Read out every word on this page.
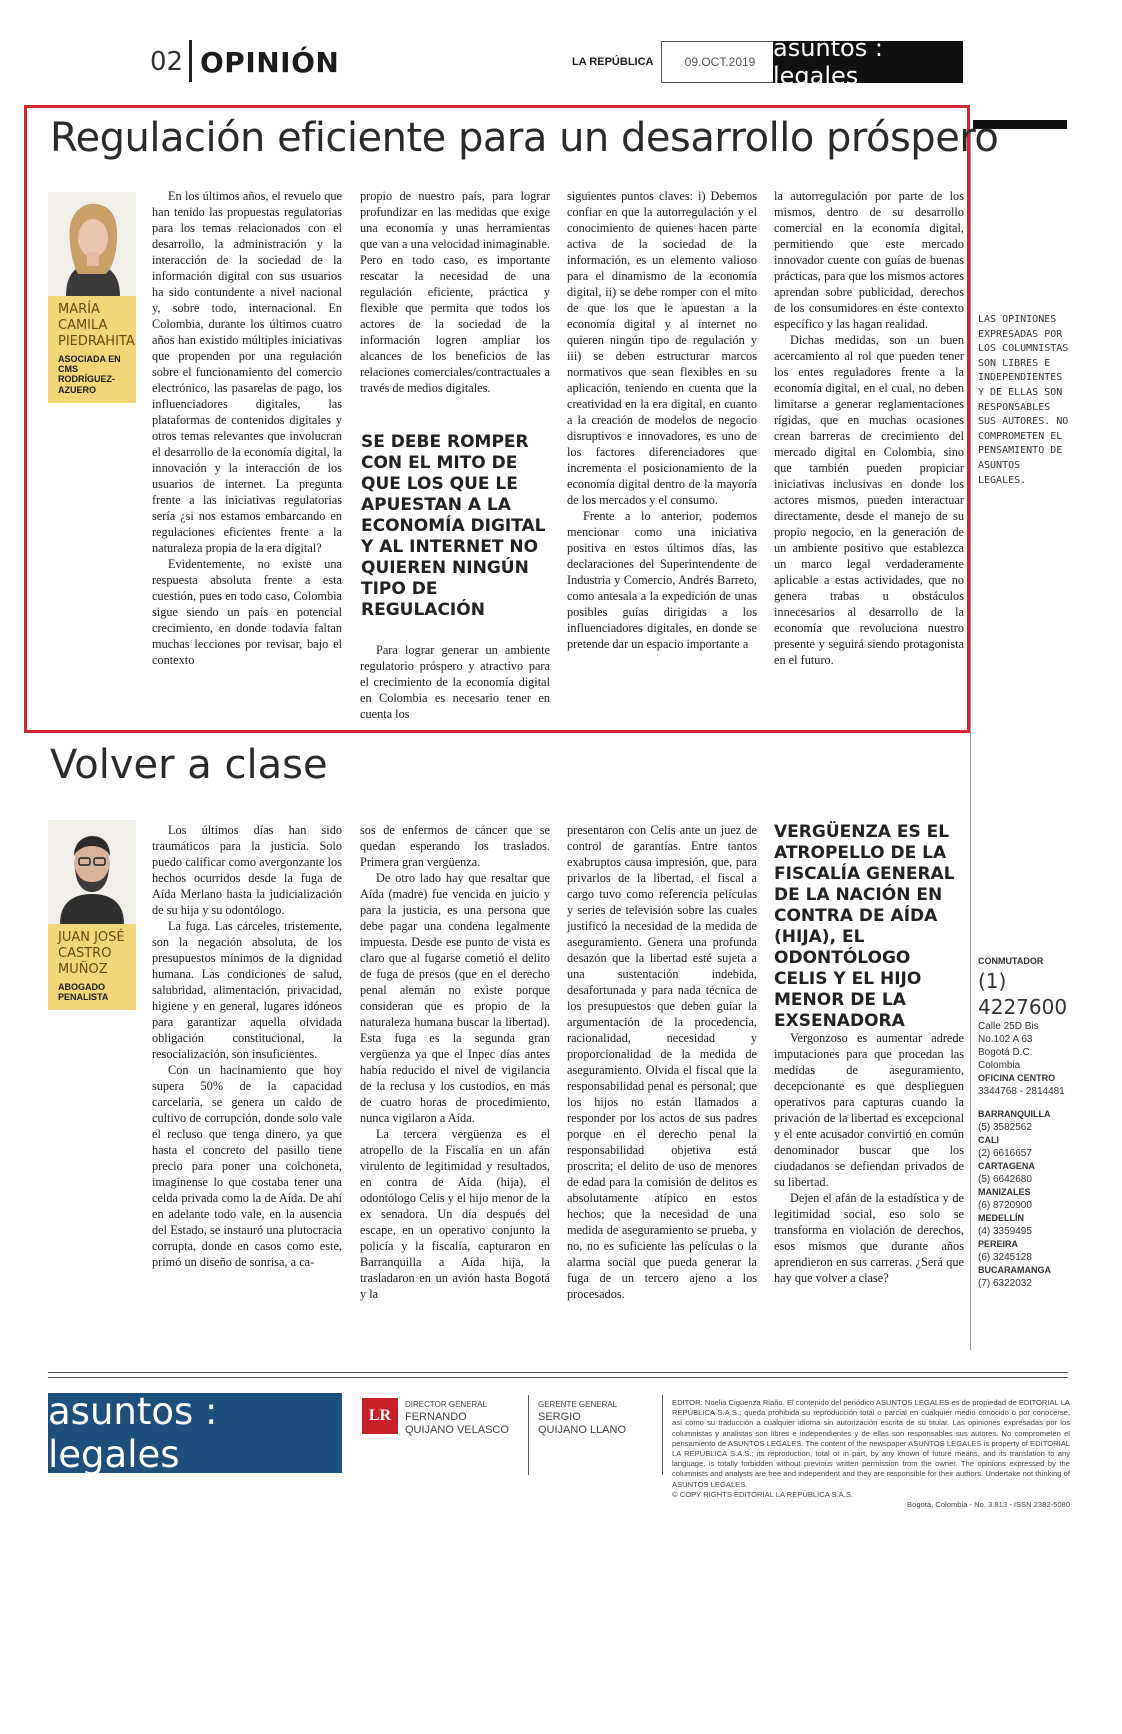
02 OPINIÓN	LA REPÚBLICA	09.OCT.2019 asuntos : legales
Regulación eficiente para un desarrollo próspero
MARÍA CAMILA PIEDRAHITA
ASOCIADA EN CMS RODRÍGUEZ-AZUERO

En los últimos años, el revuelo que han tenido las propuestas regulatorias para los temas relacionados con el desarrollo, la administración y la interacción de la sociedad de la información digital con sus usuarios ha sido contundente a nivel nacional y, sobre todo, internacional. En Colombia, durante los últimos cuatro años han existido múltiples iniciativas que propenden por una regulación sobre el funcionamiento del comercio electrónico, las pasarelas de pago, los influenciadores digitales, las plataformas de contenidos digitales y otros temas relevantes que involucran el desarrollo de la economía digital, la innovación y la interacción de los usuarios de internet. La pregunta frente a las iniciativas regulatorias sería ¿si nos estamos embarcando en regulaciones eficientes frente a la naturaleza propia de la era digital?

Evidentemente, no existe una respuesta absoluta frente a esta cuestión, pues en todo caso, Colombia sigue siendo un país en potencial crecimiento, en donde todavía faltan muchas lecciones por revisar, bajo el contexto

propio de nuestro país, para lograr profundizar en las medidas que exige una economía y unas herramientas que van a una velocidad inimaginable. Pero en todo caso, es importante rescatar la necesidad de una regulación eficiente, práctica y flexible que permita que todos los actores de la sociedad de la información logren ampliar los alcances de los beneficios de las relaciones comerciales/contractuales a través de medios digitales.

SE DEBE ROMPER CON EL MITO DE QUE LOS QUE LE APUESTAN A LA ECONOMÍA DIGITAL Y AL INTERNET NO QUIEREN NINGÚN TIPO DE REGULACIÓN

Para lograr generar un ambiente regulatorio próspero y atractivo para el crecimiento de la economía digital en Colombia es necesario tener en cuenta los

siguientes puntos claves: i) Debemos confiar en que la autorregulación y el conocimiento de quienes hacen parte activa de la sociedad de la información, es un elemento valioso para el dinamismo de la economía digital, ii) se debe romper con el mito de que los que le apuestan a la economía digital y al internet no quieren ningún tipo de regulación y iii) se deben estructurar marcos normativos que sean flexibles en su aplicación, teniendo en cuenta que la creatividad en la era digital, en cuanto a la creación de modelos de negocio disruptivos e innovadores, es uno de los factores diferenciadores que incrementa el posicionamiento de la economía digital dentro de la mayoría de los mercados y el consumo.

Frente a lo anterior, podemos mencionar como una iniciativa positiva en estos últimos días, las declaraciones del Superintendente de Industria y Comercio, Andrés Barreto, como antesala a la expedición de unas posibles guías dirigidas a los influenciadores digitales, en donde se pretende dar un espacio importante a

la autorregulación por parte de los mismos, dentro de su desarrollo comercial en la economía digital, permitiendo que este mercado innovador cuente con guías de buenas prácticas, para que los mismos actores aprendan sobre publicidad, derechos de los consumidores en éste contexto específico y las hagan realidad.

Dichas medidas, son un buen acercamiento al rol que pueden tener los entes reguladores frente a la economía digital, en el cual, no deben limitarse a generar reglamentaciones rígidas, que en muchas ocasiones crean barreras de crecimiento del mercado digital en Colombia, sino que también pueden propiciar iniciativas inclusivas en donde los actores mismos, pueden interactuar directamente, desde el manejo de su propio negocio, en la generación de un ambiente positivo que establezca un marco legal verdaderamente aplicable a estas actividades, que no genera trabas u obstáculos innecesarios al desarrollo de la economía que revoluciona nuestro presente y seguirá siendo protagonista en el futuro.

LAS OPINIONES EXPRESADAS POR LOS COLUMNISTAS SON LIBRES E INDEPENDIENTES Y DE ELLAS SON RESPONSABLES SUS AUTORES. NO COMPROMETEN EL PENSAMIENTO DE ASUNTOS LEGALES.
Volver a clase
JUAN JOSÉ CASTRO MUÑOZ
ABOGADO PENALISTA

Los últimos días han sido traumáticos para la justicia. Solo puedo calificar como avergonzante los hechos ocurridos desde la fuga de Aída Merlano hasta la judicialización de su hija y su odontólogo.

La fuga. Las cárceles, tristemente, son la negación absoluta, de los presupuestos mínimos de la dignidad humana. Las condiciones de salud, salubridad, alimentación, privacidad, higiene y en general, lugares idóneos para garantizar aquella olvidada obligación constitucional, la resocialización, son insuficientes.

Con un hacinamiento que hoy supera 50% de la capacidad carcelaria, se genera un caldo de cultivo de corrupción, donde solo vale el recluso que tenga dinero, ya que hasta el concreto del pasillo tiene precio para poner una colchoneta, imagínense lo que costaba tener una celda privada como la de Aída. De ahí en adelante todo vale, en la ausencia del Estado, se instauró una plutocracia corrupta, donde en casos como este, primó un diseño de sonrisa, a ca-

sos de enfermos de cáncer que se quedan esperando los traslados. Primera gran vergüenza.

De otro lado hay que resaltar que Aída (madre) fue vencida en juicio y para la justicia, es una persona que debe pagar una condena legalmente impuesta. Desde ese punto de vista es claro que al fugarse cometió el delito de fuga de presos (que en el derecho penal alemán no existe porque consideran que es propio de la naturaleza humana buscar la libertad). Esta fuga es la segunda gran vergüenza ya que el Inpec días antes había reducido el nivel de vigilancia de la reclusa y los custodios, en más de cuatro horas de procedimiento, nunca vigilaron a Aída.

La tercera vergüenza es el atropello de la Fiscalía en un afán virulento de legitimidad y resultados, en contra de Aída (hija), el odontólogo Celis y el hijo menor de la ex senadora. Un día después del escape, en un operativo conjunto la policía y la fiscalía, capturaron en Barranquilla a Aída hija, la trasladaron en un avión hasta Bogotá y la

presentaron con Celis ante un juez de control de garantías. Entre tantos exabruptos causa impresión, que, para privarlos de la libertad, el fiscal a cargo tuvo como referencia películas y series de televisión sobre las cuales justificó la necesidad de la medida de aseguramiento. Genera una profunda desazón que la libertad esté sujeta a una sustentación indebida, desafortunada y para nada técnica de los presupuestos que deben guiar la argumentación de la procedencia, racionalidad, necesidad y proporcionalidad de la medida de aseguramiento. Olvida el fiscal que la responsabilidad penal es personal; que los hijos no están llamados a responder por los actos de sus padres porque en el derecho penal la responsabilidad objetiva está proscrita; el delito de uso de menores de edad para la comisión de delitos es absolutamente atípico en estos hechos; que la necesidad de una medida de aseguramiento se prueba, y no, no es suficiente las películas o la alarma social que pueda generar la fuga de un tercero ajeno a los procesados.

VERGÜENZA ES EL ATROPELLO DE LA FISCALÍA GENERAL DE LA NACIÓN EN CONTRA DE AÍDA (HIJA), EL ODONTÓLOGO CELIS Y EL HIJO MENOR DE LA EXSENADORA

Vergonzoso es aumentar adrede imputaciones para que procedan las medidas de aseguramiento, decepcionante es que desplieguen operativos para capturas cuando la privación de la libertad es excepcional y el ente acusador convirtió en común denominador buscar que los ciudadanos se defiendan privados de su libertad.

Dejen el afán de la estadística y de legitimidad social, eso solo se transforma en violación de derechos, esos mismos que durante años aprendieron en sus carreras. ¿Será que hay que volver a clase?

CONMUTADOR
(1) 4227600
Calle 25D Bis
No.102 A 63
Bogotá D.C.
Colombia
OFICINA CENTRO
3344768 - 2814481
BARRANQUILLA
(5) 3582562
CALI
(2) 6616657
CARTAGENA
(5) 6642680
MANIZALES
(6) 8720900
MEDELLÍN
(4) 3359495
PEREIRA
(6) 3245128
BUCARAMANGA
(7) 6322032
asuntos : legales
LR
DIRECTOR GENERAL
FERNANDO
QUIJANO VELASCO
GERENTE GENERAL
SERGIO
QUIJANO LLANO
EDITOR: Noelia Cigüenza Riaño. El contenido del periódico ASUNTOS LEGALES es de propiedad de EDITORIAL LA REPÚBLICA S.A.S.; queda prohibida su reproducción total o parcial en cualquier medio conocido o por conocerse, así como su traducción a cualquier idioma sin autorización escrita de su titular. Las opiniones expresadas por los columnistas y analistas son libres e independientes y de ellas son responsables sus autores. No comprometen el pensamiento de ASUNTOS LEGALES. The content of the newspaper ASUNTOS LEGALES is property of EDITORIAL LA REPÚBLICA S.A.S.; its reproduction, total or in part, by any known of future means, and its translation to any language, is totally forbidden without previous written permission from the owner. The opinions expressed by the columnists and analysts are free and independent and they are responsible for their authors. Undertake not thinking of ASUNTOS LEGALES.
© COPY RIGHTS EDITORIAL LA REPÚBLICA S.A.S.
Bogotá, Colombia - No. 3.813 - ISSN 2382-5080
